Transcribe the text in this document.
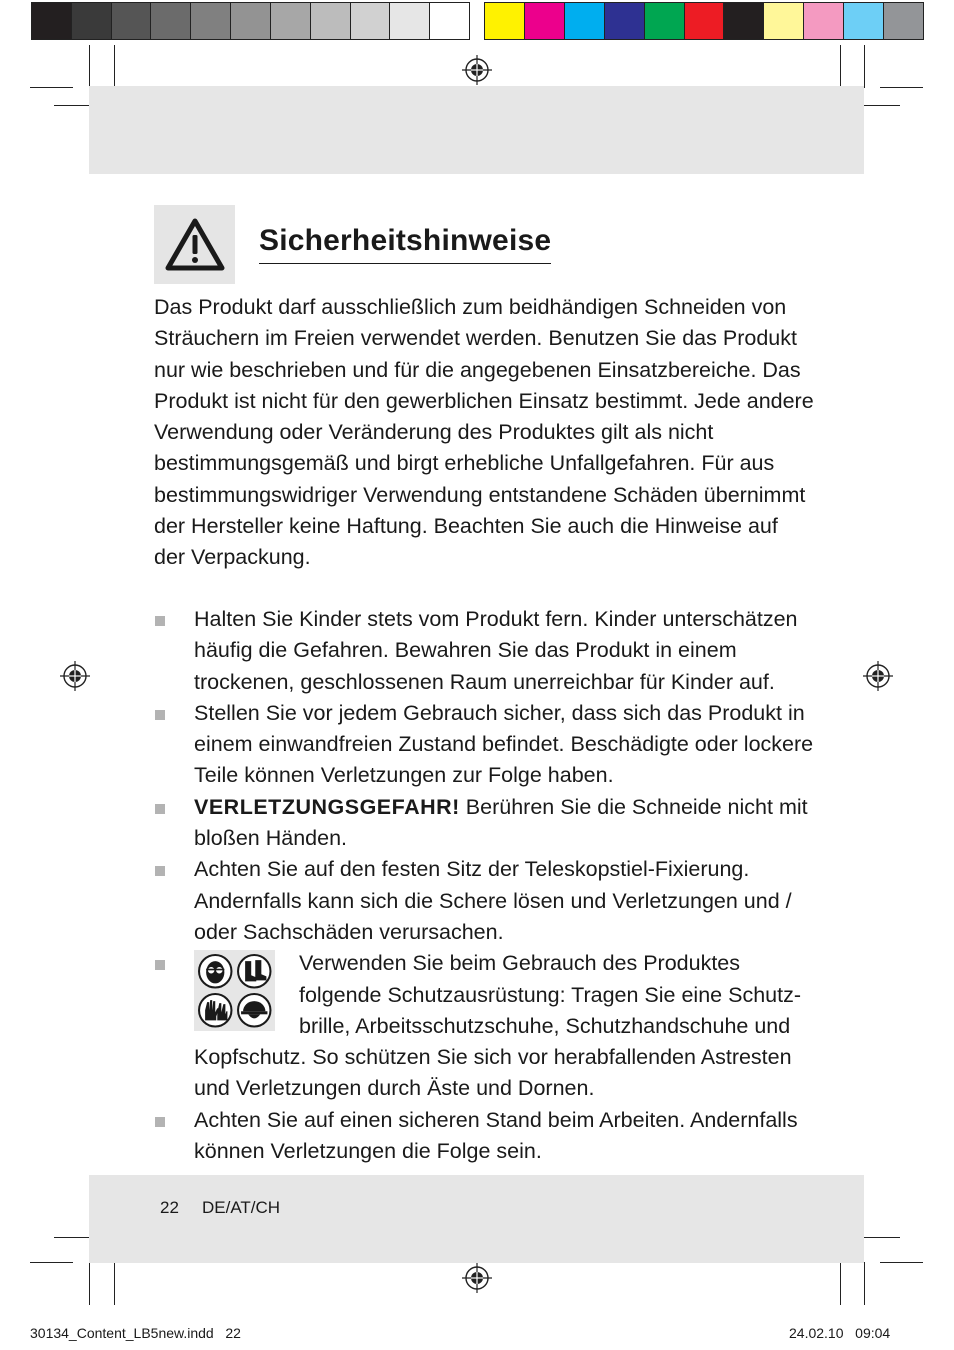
Sicherheitshinweise
Das Produkt darf ausschließlich zum beidhändigen Schneiden von Sträuchern im Freien verwendet werden. Benutzen Sie das Produkt nur wie beschrieben und für die angegebenen Einsatzbereiche. Das Produkt ist nicht für den gewerblichen Einsatz bestimmt. Jede andere Verwendung oder Veränderung des Produktes gilt als nicht bestimmungsgemäß und birgt erhebliche Unfallgefahren. Für aus bestimmungswidriger Verwendung entstandene Schäden übernimmt der Hersteller keine Haftung. Beachten Sie auch die Hinweise auf der Verpackung.
Halten Sie Kinder stets vom Produkt fern. Kinder unterschätzen häufig die Gefahren. Bewahren Sie das Produkt in einem trockenen, geschlossenen Raum unerreichbar für Kinder auf.
Stellen Sie vor jedem Gebrauch sicher, dass sich das Produkt in einem einwandfreien Zustand befindet. Beschädigte oder lockere Teile können Verletzungen zur Folge haben.
VERLETZUNGSGEFAHR! Berühren Sie die Schneide nicht mit bloßen Händen.
Achten Sie auf den festen Sitz der Teleskopstiel-Fixierung. Andernfalls kann sich die Schere lösen und Verletzungen und / oder Sachschäden verursachen.
Verwenden Sie beim Gebrauch des Produktes
folgende Schutzausrüstung: Tragen Sie eine Schutz-
brille, Arbeitsschutzschuhe, Schutzhandschuhe und
Kopfschutz. So schützen Sie sich vor herabfallenden Astresten und Verletzungen durch Äste und Dornen.
Achten Sie auf einen sicheren Stand beim Arbeiten. Andernfalls können Verletzungen die Folge sein.
22 DE/AT/CH
30134_Content_LB5new.indd   22	24.02.10   09:04
